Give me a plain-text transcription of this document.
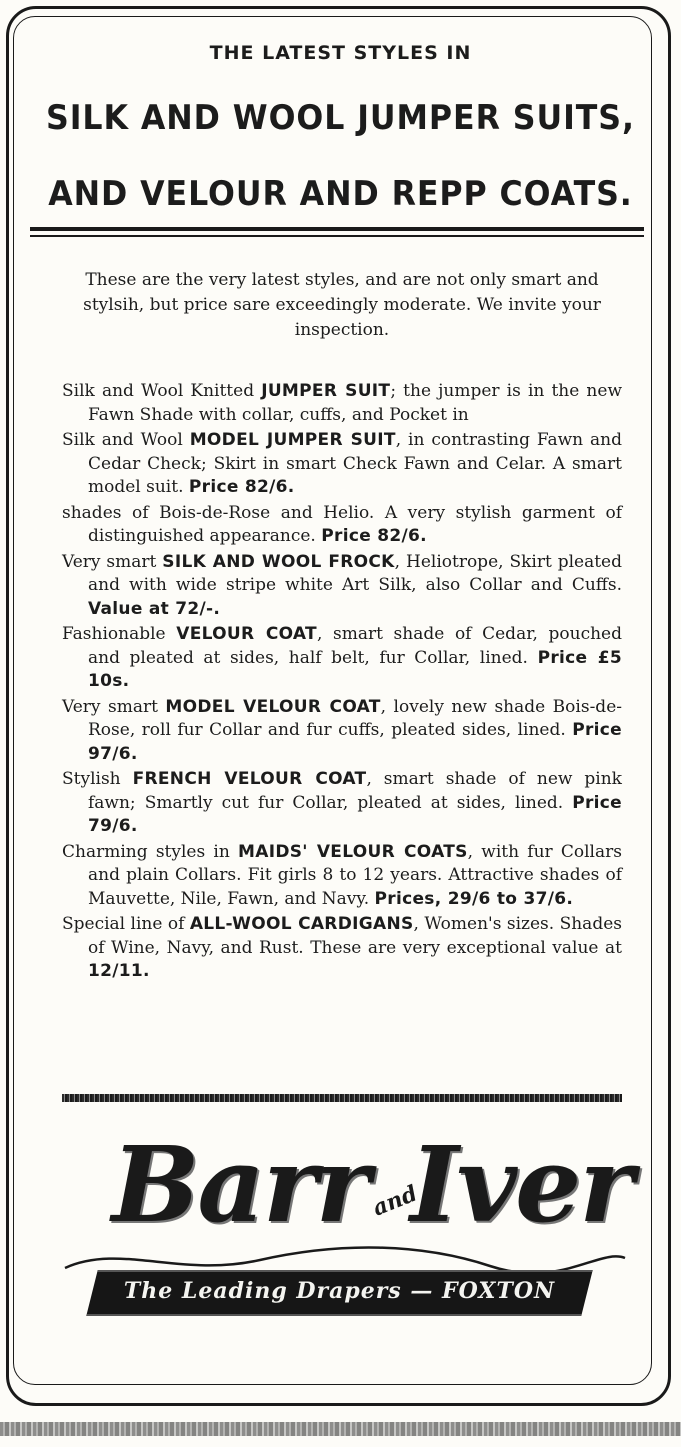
THE LATEST STYLES IN
SILK AND WOOL JUMPER SUITS,
AND VELOUR AND REPP COATS.
These are the very latest styles, and are not only smart and stylsih, but price sare exceedingly moderate. We invite your inspection.

Silk and Wool Knitted JUMPER SUIT; the jumper is in the new Fawn Shade with collar, cuffs, and Pocket in

Silk and Wool MODEL JUMPER SUIT, in contrasting Fawn and Cedar Check; Skirt in smart Check Fawn and Celar. A smart model suit. Price 82/6.

shades of Bois-de-Rose and Helio. A very stylish garment of distinguished appearance. Price 82/6.

Very smart SILK AND WOOL FROCK, Heliotrope, Skirt pleated and with wide stripe white Art Silk, also Collar and Cuffs. Value at 72/-.

Fashionable VELOUR COAT, smart shade of Cedar, pouched and pleated at sides, half belt, fur Collar, lined. Price £5 10s.

Very smart MODEL VELOUR COAT, lovely new shade Bois-de-Rose, roll fur Collar and fur cuffs, pleated sides, lined. Price 97/6.

Stylish FRENCH VELOUR COAT, smart shade of new pink fawn; Smartly cut fur Collar, pleated at sides, lined. Price 79/6.

Charming styles in MAIDS' VELOUR COATS, with fur Collars and plain Collars. Fit girls 8 to 12 years. Attractive shades of Mauvette, Nile, Fawn, and Navy. Prices, 29/6 to 37/6.

Special line of ALL-WOOL CARDIGANS, Women's sizes. Shades of Wine, Navy, and Rust. These are very exceptional value at 12/11.

Barr and
Iver
The Leading Drapers — FOXTON
